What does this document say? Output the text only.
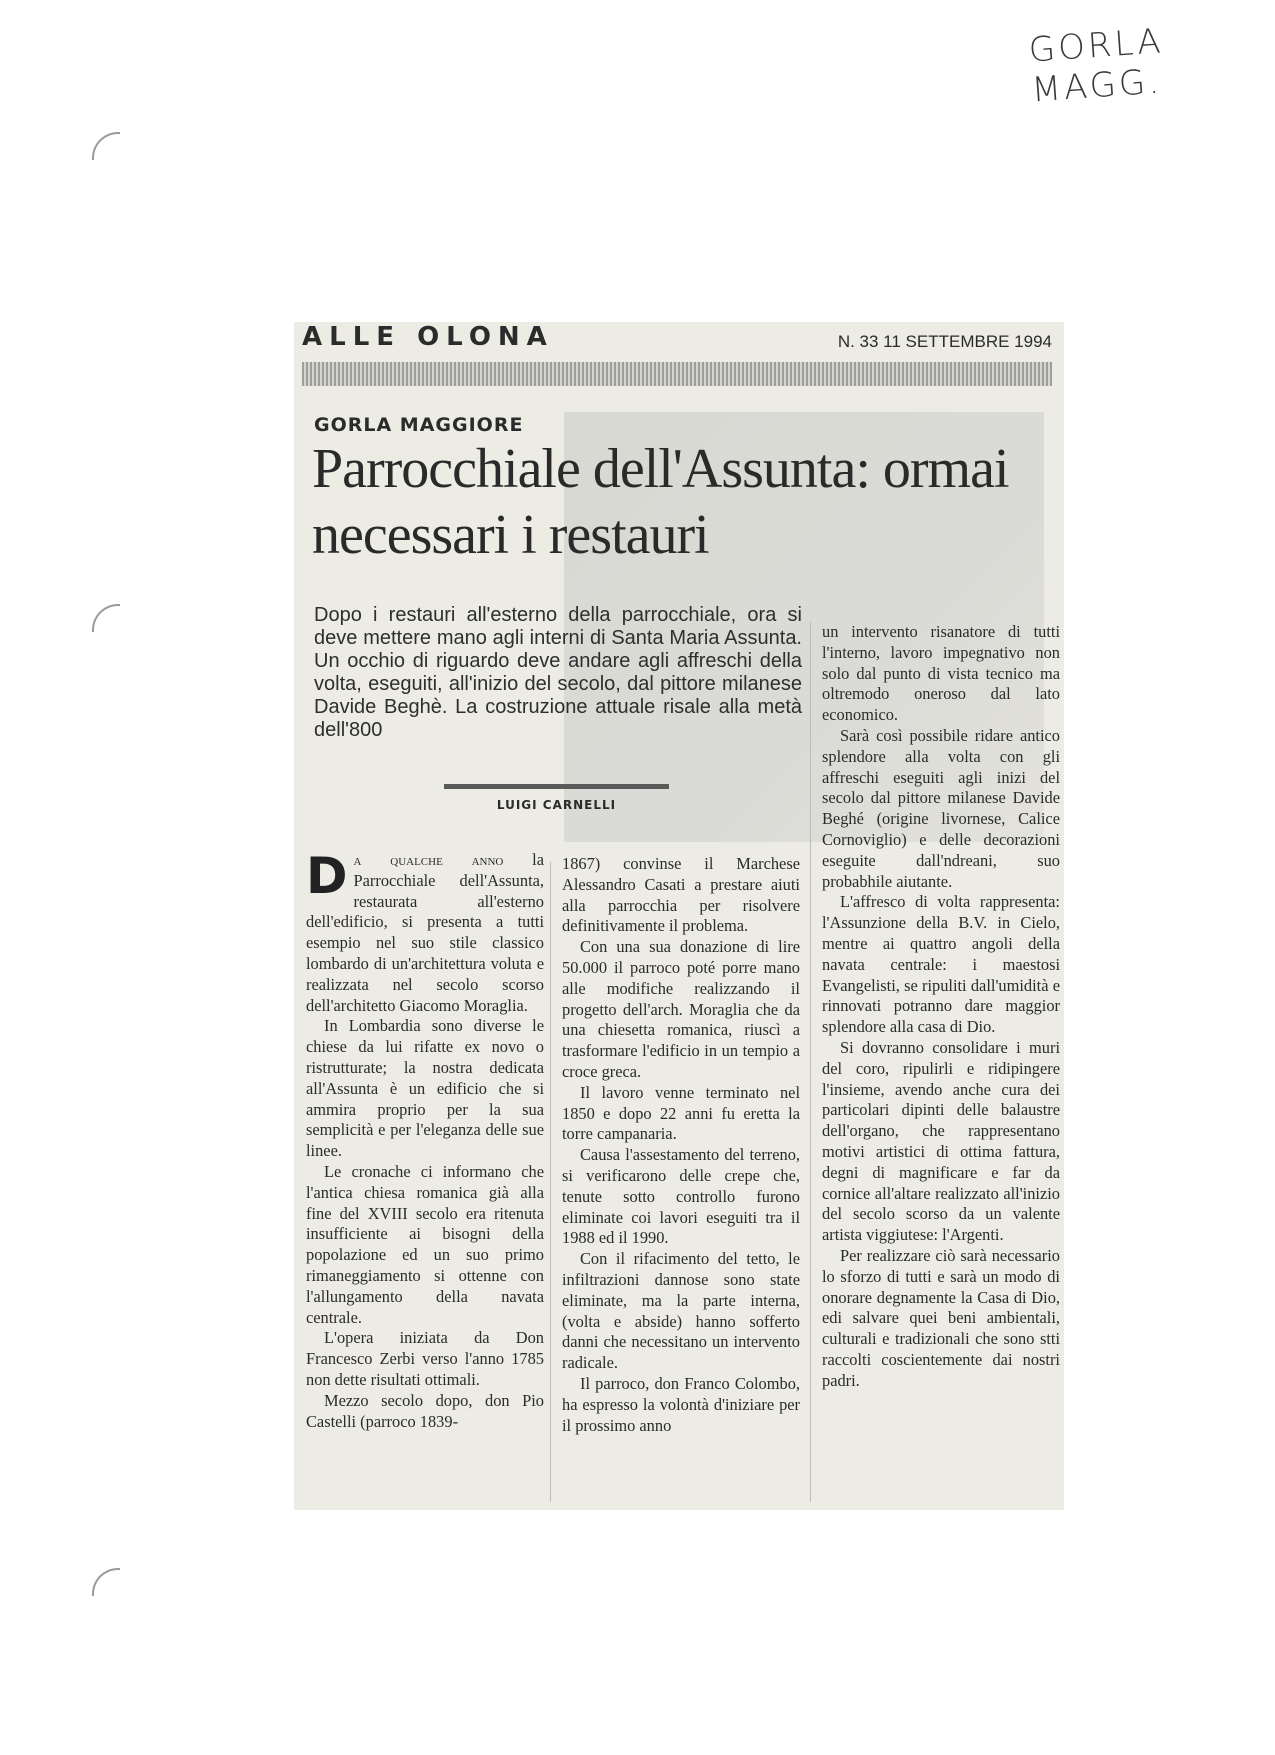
GORLA MAGG.
ALLE OLONA	N. 33 11 SETTEMBRE 1994
GORLA MAGGIORE
Parrocchiale dell'Assunta: ormai necessari i restauri
Dopo i restauri all'esterno della parrocchiale, ora si deve mettere mano agli interni di Santa Maria Assunta. Un occhio di riguardo deve andare agli affreschi della volta, eseguiti, all'inizio del secolo, dal pittore milanese Davide Beghè. La costruzione attuale risale alla metà dell'800
LUIGI CARNELLI

Da qualche anno la Parrocchiale dell'Assunta, restaurata all'esterno dell'edificio, si presenta a tutti esempio nel suo stile classico lombardo di un'architettura voluta e realizzata nel secolo scorso dell'architetto Giacomo Moraglia.

In Lombardia sono diverse le chiese da lui rifatte ex novo o ristrutturate; la nostra dedicata all'Assunta è un edificio che si ammira proprio per la sua semplicità e per l'eleganza delle sue linee.

Le cronache ci informano che l'antica chiesa romanica già alla fine del XVIII secolo era ritenuta insufficiente ai bisogni della popolazione ed un suo primo rimaneggiamento si ottenne con l'allungamento della navata centrale.

L'opera iniziata da Don Francesco Zerbi verso l'anno 1785 non dette risultati ottimali.

Mezzo secolo dopo, don Pio Castelli (parroco 1839-

1867) convinse il Marchese Alessandro Casati a prestare aiuti alla parrocchia per risolvere definitivamente il problema.

Con una sua donazione di lire 50.000 il parroco poté porre mano alle modifiche realizzando il progetto dell'arch. Moraglia che da una chiesetta romanica, riuscì a trasformare l'edificio in un tempio a croce greca.

Il lavoro venne terminato nel 1850 e dopo 22 anni fu eretta la torre campanaria.

Causa l'assestamento del terreno, si verificarono delle crepe che, tenute sotto controllo furono eliminate coi lavori eseguiti tra il 1988 ed il 1990.

Con il rifacimento del tetto, le infiltrazioni dannose sono state eliminate, ma la parte interna, (volta e abside) hanno sofferto danni che necessitano un intervento radicale.

Il parroco, don Franco Colombo, ha espresso la volontà d'iniziare per il prossimo anno

un intervento risanatore di tutti l'interno, lavoro impegnativo non solo dal punto di vista tecnico ma oltremodo oneroso dal lato economico.

Sarà così possibile ridare antico splendore alla volta con gli affreschi eseguiti agli inizi del secolo dal pittore milanese Davide Beghé (origine livornese, Calice Cornoviglio) e delle decorazioni eseguite dall'ndreani, suo probabhile aiutante.

L'affresco di volta rappresenta: l'Assunzione della B.V. in Cielo, mentre ai quattro angoli della navata centrale: i maestosi Evangelisti, se ripuliti dall'umidità e rinnovati potranno dare maggior splendore alla casa di Dio.

Si dovranno consolidare i muri del coro, ripulirli e ridipingere l'insieme, avendo anche cura dei particolari dipinti delle balaustre dell'organo, che rappresentano motivi artistici di ottima fattura, degni di magnificare e far da cornice all'altare realizzato all'inizio del secolo scorso da un valente artista viggiutese: l'Argenti.

Per realizzare ciò sarà necessario lo sforzo di tutti e sarà un modo di onorare degnamente la Casa di Dio, edi salvare quei beni ambientali, culturali e tradizionali che sono stti raccolti coscientemente dai nostri padri.
